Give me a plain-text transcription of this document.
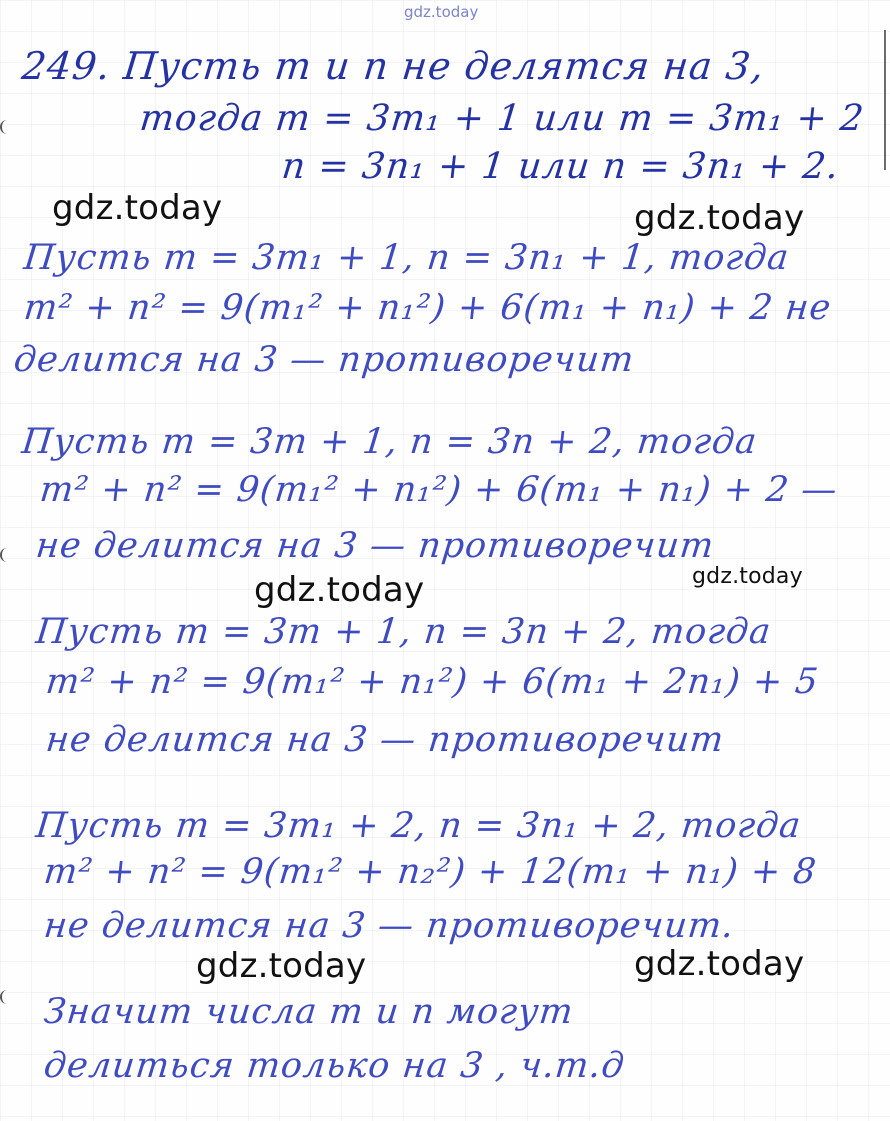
gdz.today
249. Пусть m и n не делятся на 3,
тогда m = 3m₁ + 1 или m = 3m₁ + 2
n = 3n₁ + 1 или n = 3n₁ + 2.
gdz.today	gdz.today
Пусть m = 3m₁ + 1, n = 3n₁ + 1, тогда
m² + n² = 9(m₁² + n₁²) + 6(m₁ + n₁) + 2 не
делится на 3 — противоречит
Пусть m = 3m + 1, n = 3n + 2, тогда
m² + n² = 9(m₁² + n₁²) + 6(m₁ + n₁) + 2 —
не делится на 3 — противоречит
gdz.today	gdz.today
Пусть m = 3m + 1, n = 3n + 2, тогда
m² + n² = 9(m₁² + n₁²) + 6(m₁ + 2n₁) + 5
не делится на 3 — противоречит
Пусть m = 3m₁ + 2, n = 3n₁ + 2, тогда
m² + n² = 9(m₁² + n₂²) + 12(m₁ + n₁) + 8
не делится на 3 — противоречит.
gdz.today	gdz.today
Значит числа m и n могут
делиться только на 3 , ч.т.д
